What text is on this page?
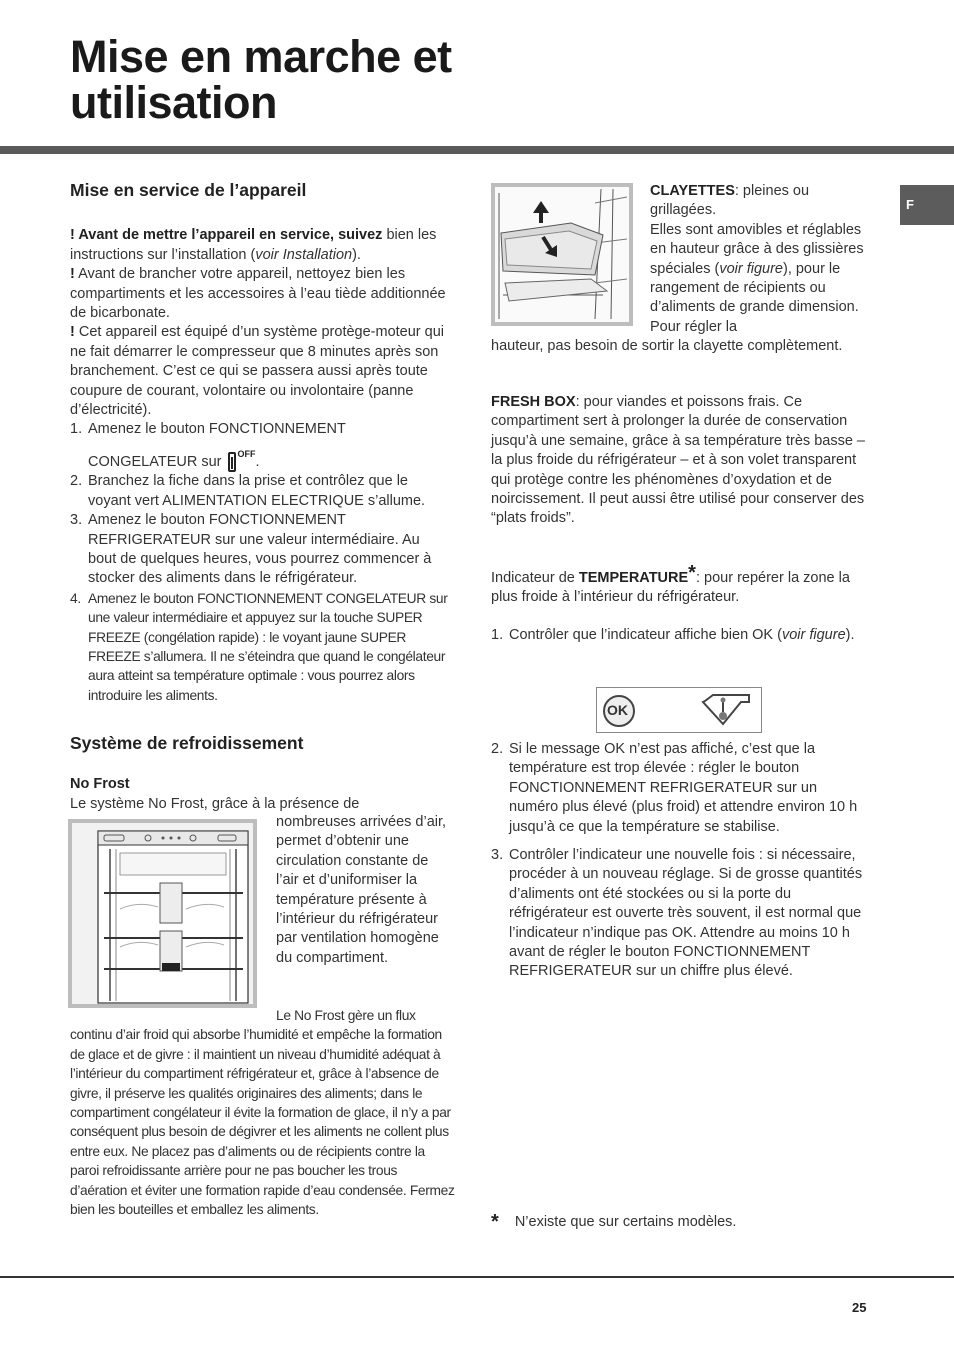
Mise en marche et
utilisation
F
Mise en service de l’appareil

! Avant de mettre l’appareil en service, suivez bien les instructions sur l’installation (voir Installation).

! Avant de brancher votre appareil, nettoyez bien les compartiments et les accessoires à l’eau tiède additionnée de bicarbonate.

! Cet appareil est équipé d’un système protège-moteur qui ne fait démarrer le compresseur que 8 minutes après son branchement. C’est ce qui se passera aussi après toute coupure de courant, volontaire ou involontaire (panne d’électricité).

1. Amenez le bouton FONCTIONNEMENT
CONGELATEUR sur $^{OFF}$.
2. Branchez la fiche dans la prise et contrôlez que le voyant vert ALIMENTATION ELECTRIQUE s’allume.
3. Amenez le bouton FONCTIONNEMENT REFRIGERATEUR sur une valeur intermédiaire. Au bout de quelques heures, vous pourrez commencer à stocker des aliments dans le réfrigérateur.
4. Amenez le bouton FONCTIONNEMENT CONGELATEUR sur une valeur intermédiaire et appuyez sur la touche SUPER FREEZE (congélation rapide) : le voyant jaune SUPER FREEZE s’allumera. Il ne s’éteindra que quand le congélateur aura atteint sa température optimale : vous pourrez alors introduire les aliments.
Système de refroidissement

No Frost

Le système No Frost, grâce à la présence de

nombreuses arrivées d’air, permet d’obtenir une circulation constante de l’air et d’uniformiser la température présente à l’intérieur du réfrigérateur par ventilation homogène du compartiment.

Le No Frost gère un flux

continu d’air froid qui absorbe l’humidité et empêche la formation de glace et de givre : il maintient un niveau d’humidité adéquat à l’intérieur du compartiment réfrigérateur et, grâce à l’absence de givre, il préserve les qualités originaires des aliments; dans le compartiment congélateur il évite la formation de glace, il n’y a par conséquent plus besoin de dégivrer et les aliments ne collent plus entre eux. Ne placez pas d’aliments ou de récipients contre la paroi refroidissante arrière pour ne pas boucher les trous d’aération et éviter une formation rapide d’eau condensée. Fermez bien les bouteilles et emballez les aliments.

CLAYETTES: pleines ou grillagées.

Elles sont amovibles et réglables en hauteur grâce à des glissières spéciales (voir figure), pour le rangement de récipients ou d’aliments de grande dimension. Pour régler la

hauteur, pas besoin de sortir la clayette complètement.

FRESH BOX: pour viandes et poissons frais. Ce compartiment sert à prolonger la durée de conservation jusqu’à une semaine, grâce à sa température très basse – la plus froide du réfrigérateur – et à son volet transparent qui protège contre les phénomènes d’oxydation et de noircissement. Il peut aussi être utilisé pour conserver des “plats froids”.

Indicateur de TEMPERATURE*: pour repérer la zone la plus froide à l’intérieur du réfrigérateur.

1. Contrôler que l’indicateur affiche bien OK (voir figure).
OK
2. Si le message OK n’est pas affiché, c’est que la température est trop élevée : régler le bouton FONCTIONNEMENT REFRIGERATEUR sur un numéro plus élevé (plus froid) et attendre environ 10 h jusqu’à ce que la température se stabilise.
3. Contrôler l’indicateur une nouvelle fois : si nécessaire, procéder à un nouveau réglage. Si de grosse quantités d’aliments ont été stockées ou si la porte du réfrigérateur est ouverte très souvent, il est normal que l’indicateur n’indique pas OK. Attendre au moins 10 h avant de régler le bouton FONCTIONNEMENT REFRIGERATEUR sur un chiffre plus élevé.
* N’existe que sur certains modèles.
25
